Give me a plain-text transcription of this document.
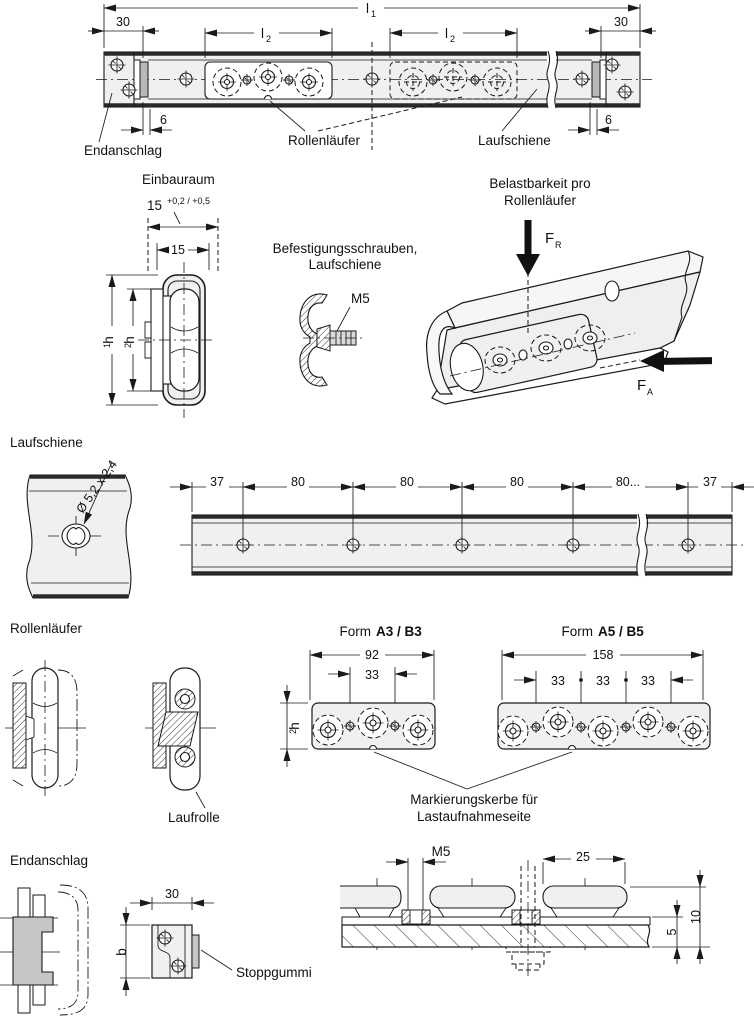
l 1
30	30
l 2	l 2
6	6
Endanschlag
Rollenläufer	Laufschiene
Einbauraum
15 +0,2 / +0,5
15
h
1
h
2
Befestigungsschrauben,
Laufschiene
M5
Belastbarkeit pro
Rollenläufer
F R
F A
Laufschiene
Ø 5,2 x 2,4	37	80	80	80	80...	37
Rollenläufer
Laufrolle
Form A3 / B3
92
33
h
2
Form A5 / B5
158
33 33 33
Markierungskerbe für
Lastaufnahmeseite
Endanschlag
30
b
Stoppgummi
M5	25
5
10
